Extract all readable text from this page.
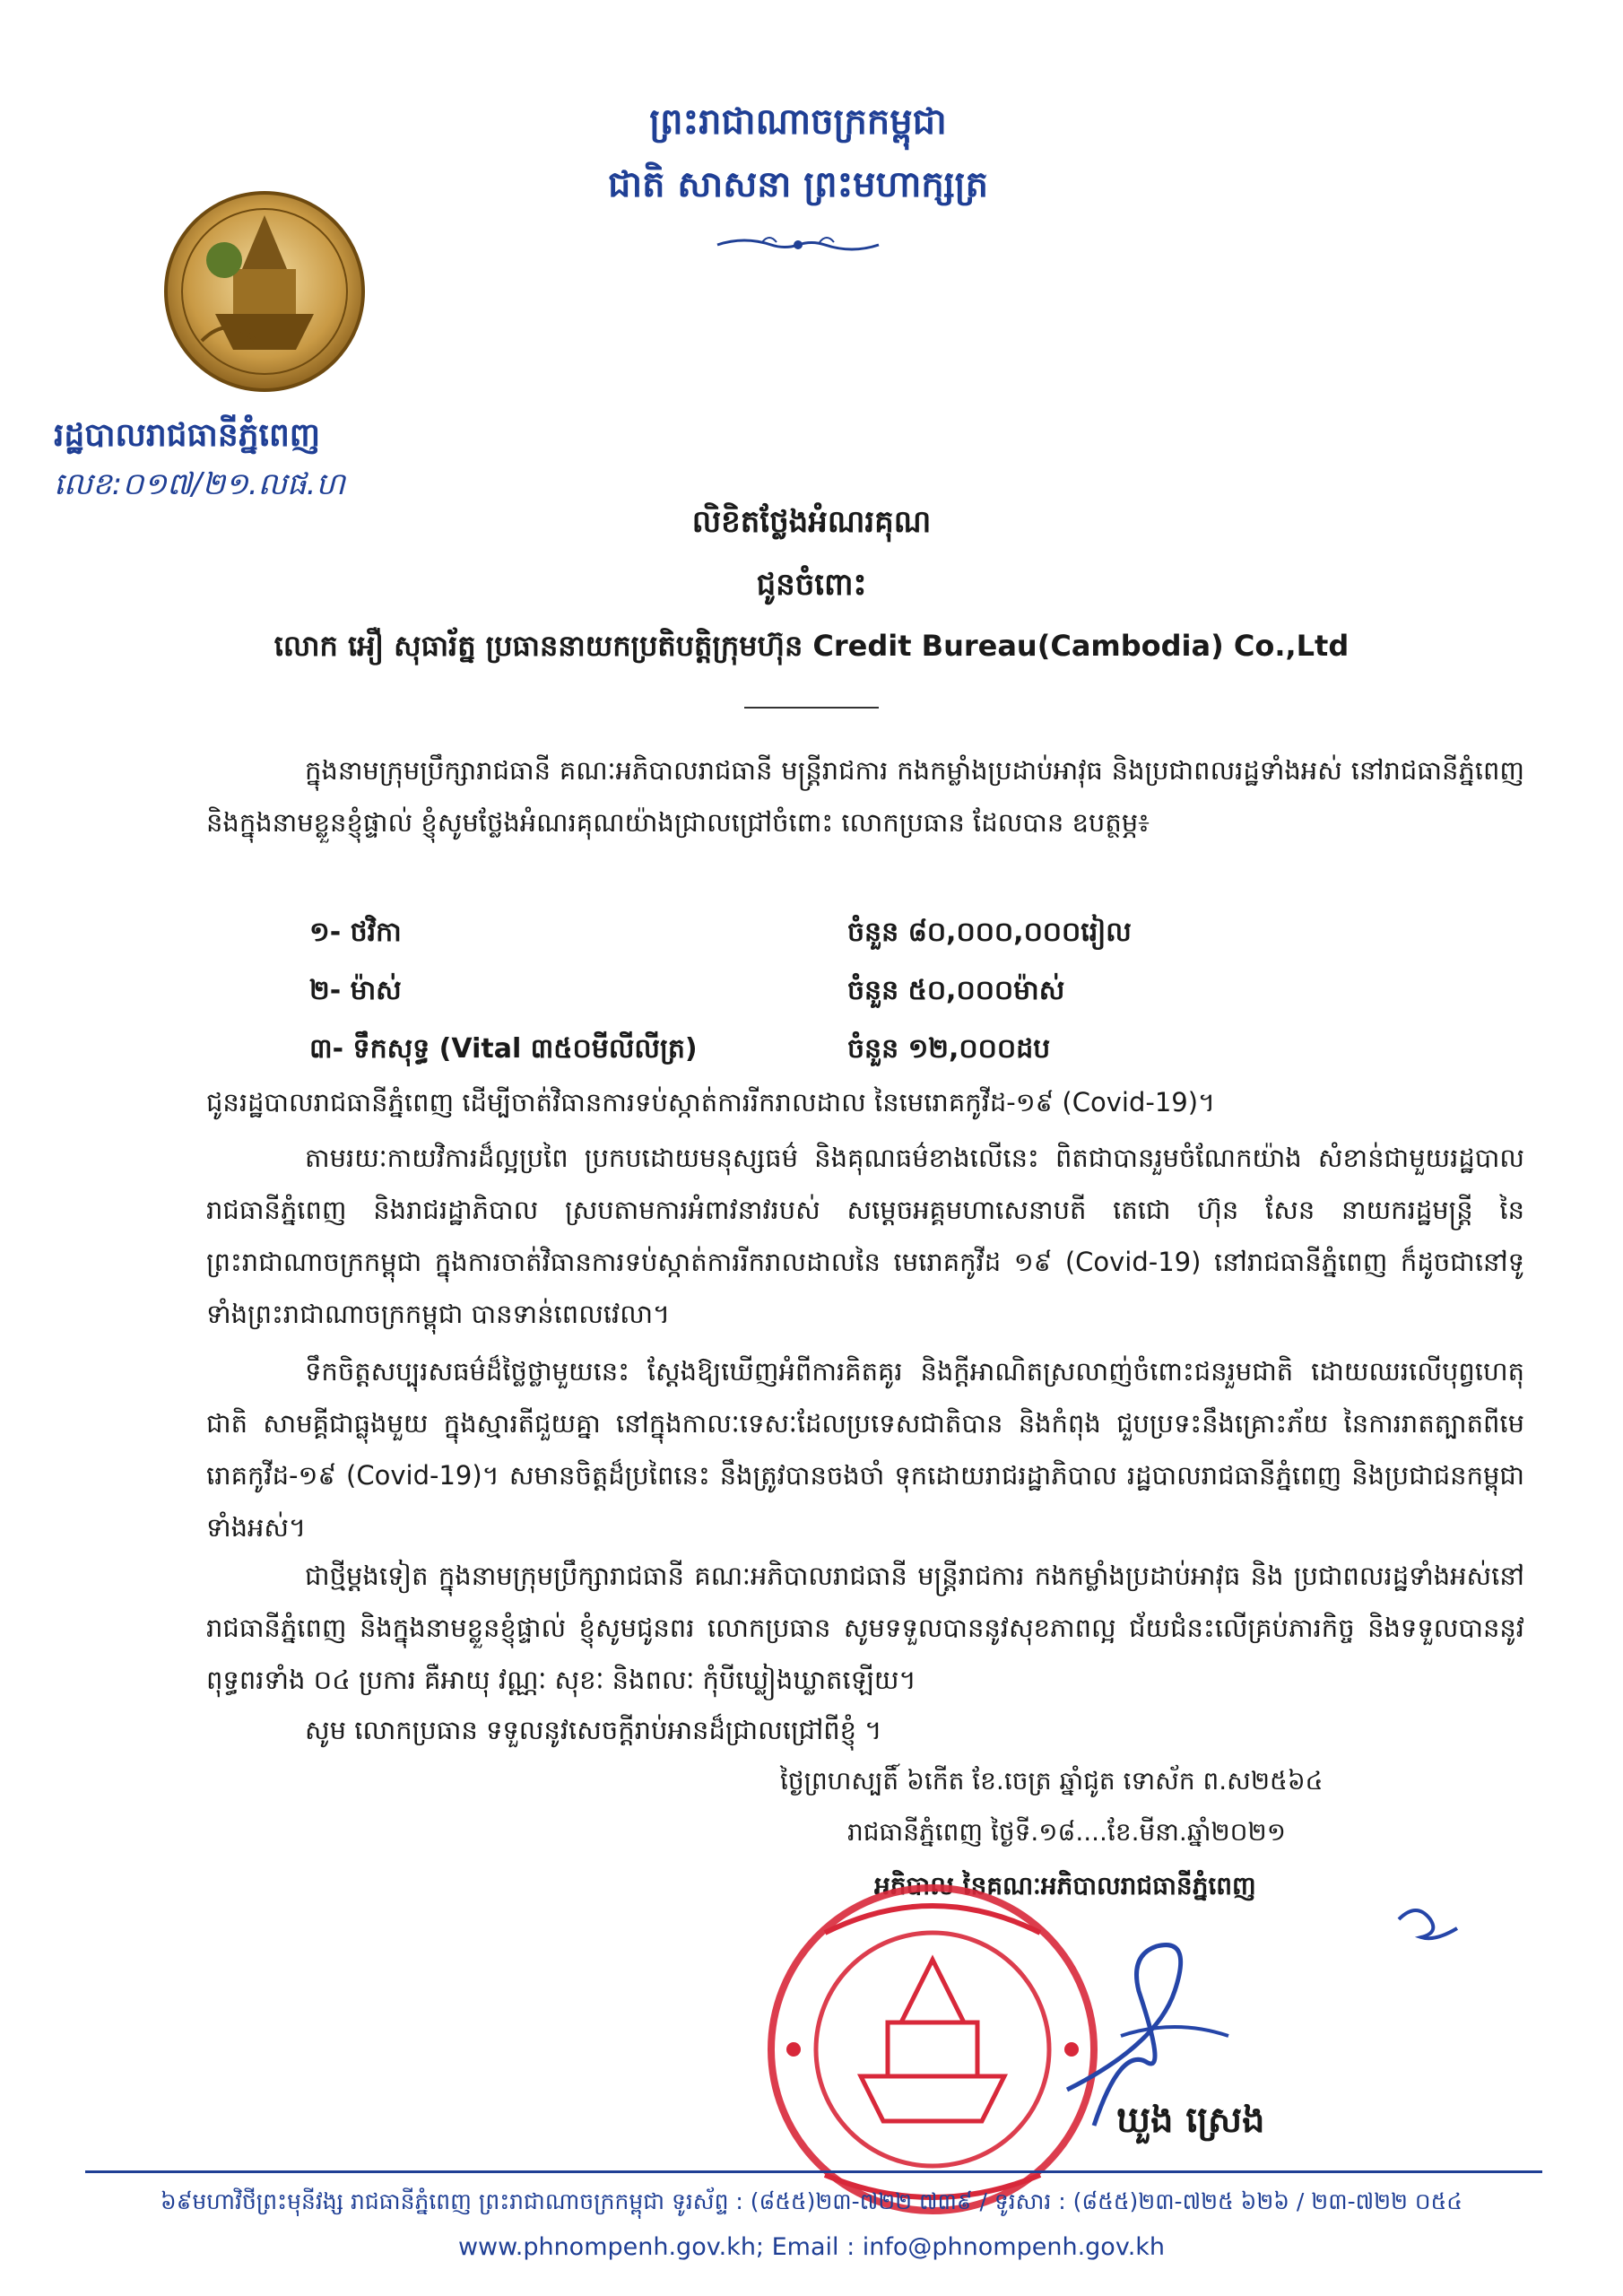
ព្រះរាជាណាចក្រកម្ពុជា
ជាតិ សាសនា ព្រះមហាក្សត្រ
រដ្ឋបាលរាជធានីភ្នំពេញ
លេខ:០១៧/២១.លផ.ហ
លិខិតថ្លែងអំណរគុណ
ជូនចំពោះ
លោក អឿ សុធារ័ត្ន ប្រធាននាយកប្រតិបត្តិក្រុមហ៊ុន Credit Bureau(Cambodia) Co.,Ltd
ក្នុងនាមក្រុមប្រឹក្សារាជធានី គណៈអភិបាលរាជធានី មន្ត្រីរាជការ កងកម្លាំងប្រដាប់អាវុធ និងប្រជាពលរដ្ឋទាំងអស់ នៅរាជធានីភ្នំពេញ និងក្នុងនាមខ្លួនខ្ញុំផ្ទាល់ ខ្ញុំសូមថ្លែងអំណរគុណយ៉ាងជ្រាលជ្រៅចំពោះ លោកប្រធាន ដែលបាន ឧបត្ថម្ភ៖
១- ថវិកា	ចំនួន ៨០,០០០,០០០រៀល
២- ម៉ាស់	ចំនួន ៥០,០០០ម៉ាស់
៣- ទឹកសុទ្ធ (Vital ៣៥០មីលីលីត្រ)	ចំនួន ១២,០០០ដប
ជូនរដ្ឋបាលរាជធានីភ្នំពេញ ដើម្បីចាត់វិធានការទប់ស្កាត់ការរីករាលដាល នៃមេរោគកូវីដ-១៩ (Covid-19)។
តាមរយៈកាយវិការដ៏ល្អប្រពៃ ប្រកបដោយមនុស្សធម៌ និងគុណធម៌ខាងលើនេះ ពិតជាបានរួមចំណែកយ៉ាង សំខាន់ជាមួយរដ្ឋបាលរាជធានីភ្នំពេញ និងរាជរដ្ឋាភិបាល ស្របតាមការអំពាវនាវរបស់ សម្តេចអគ្គមហាសេនាបតី តេជោ ហ៊ុន សែន នាយករដ្ឋមន្ត្រី នៃព្រះរាជាណាចក្រកម្ពុជា ក្នុងការចាត់វិធានការទប់ស្កាត់ការរីករាលដាលនៃ មេរោគកូវីដ ១៩ (Covid-19) នៅរាជធានីភ្នំពេញ ក៏ដូចជានៅទូទាំងព្រះរាជាណាចក្រកម្ពុជា បានទាន់ពេលវេលា។
ទឹកចិត្តសប្បុរសធម៌ដ៏ថ្លៃថ្លាមួយនេះ ស្តែងឱ្យឃើញអំពីការគិតគូរ និងក្តីអាណិតស្រលាញ់ចំពោះជនរួមជាតិ ដោយឈរលើបុព្វហេតុជាតិ សាមគ្គីជាធ្លុងមួយ ក្នុងស្មារតីជួយគ្នា នៅក្នុងកាលៈទេសៈដែលប្រទេសជាតិបាន និងកំពុង ជួបប្រទះនឹងគ្រោះភ័យ នៃការរាតត្បាតពីមេរោគកូវីដ-១៩ (Covid-19)។ សមានចិត្តដ៏ប្រពៃនេះ នឹងត្រូវបានចងចាំ ទុកដោយរាជរដ្ឋាភិបាល រដ្ឋបាលរាជធានីភ្នំពេញ និងប្រជាជនកម្ពុជាទាំងអស់។
ជាថ្មីម្តងទៀត ក្នុងនាមក្រុមប្រឹក្សារាជធានី គណៈអភិបាលរាជធានី មន្ត្រីរាជការ កងកម្លាំងប្រដាប់អាវុធ និង ប្រជាពលរដ្ឋទាំងអស់នៅរាជធានីភ្នំពេញ និងក្នុងនាមខ្លួនខ្ញុំផ្ទាល់ ខ្ញុំសូមជូនពរ លោកប្រធាន សូមទទួលបាននូវសុខភាពល្អ ជ័យជំនះលើគ្រប់ភារកិច្ច និងទទួលបាននូវពុទ្ធពរទាំង ០៤ ប្រការ គឺអាយុ វណ្ណៈ សុខៈ និងពលៈ កុំបីឃ្លៀងឃ្លាតឡើយ។
សូម លោកប្រធាន ទទួលនូវសេចក្តីរាប់អានដ៏ជ្រាលជ្រៅពីខ្ញុំ ។
ថ្ងៃព្រហស្បតិ៍ ៦កើត ខែ.ចេត្រ ឆ្នាំជូត ទោស័ក ព.ស២៥៦៤
រាជធានីភ្នំពេញ ថ្ងៃទី.១៨....ខែ.មីនា.ឆ្នាំ២០២១
អភិបាល នៃគណៈអភិបាលរាជធានីភ្នំពេញ
ឃួង ស្រេង
៦៩មហាវិថីព្រះមុនីវង្ស រាជធានីភ្នំពេញ ព្រះរាជាណាចក្រកម្ពុជា ទូរស័ព្ទ : (៨៥៥)២៣-៧២២ ៧៣៩ / ទូរសារ : (៨៥៥)២៣-៧២៥ ៦២៦ / ២៣-៧២២ ០៥៤
www.phnompenh.gov.kh; Email : info@phnompenh.gov.kh
